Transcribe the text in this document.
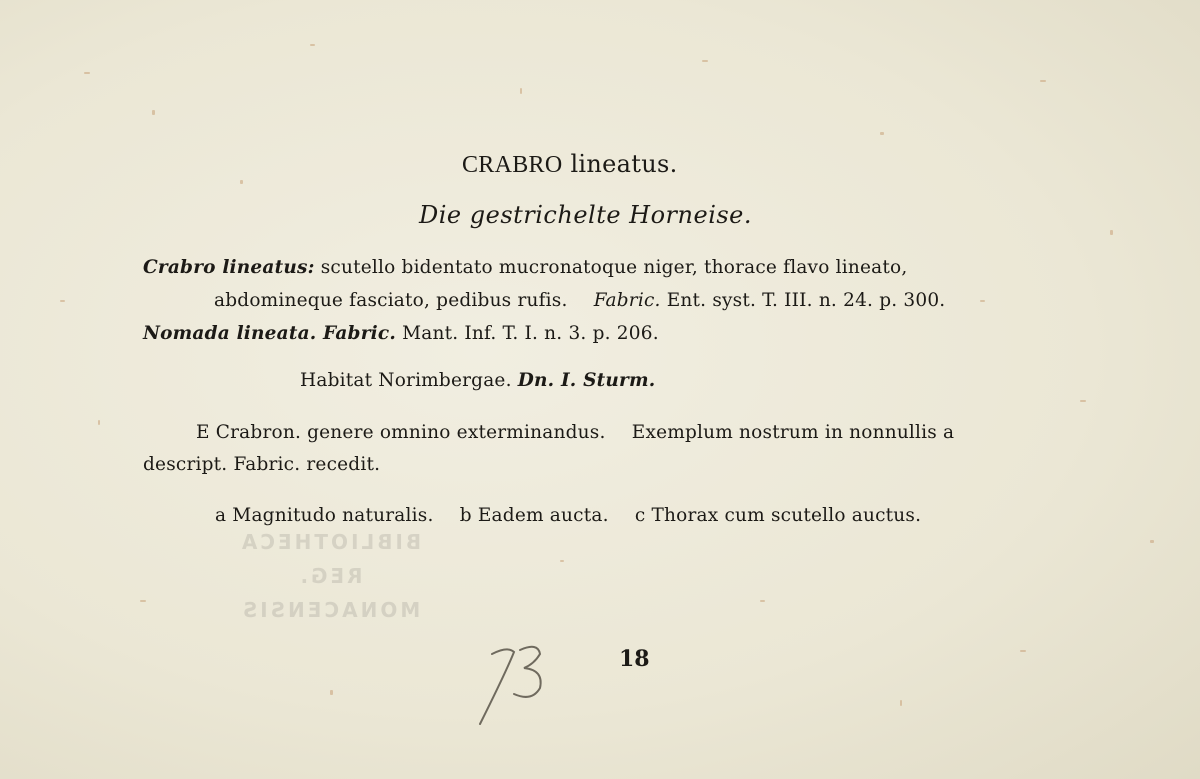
BIBLIOTHECA
REG.
MONACENSIS
CRABRO lineatus.
Die gestrichelte Horneise.
Crabro lineatus: scutello bidentato mucronatoque niger, thorace flavo lineato,
abdomineque fasciato, pedibus rufis. Fabric. Ent. syst. T. III. n. 24. p. 300.
Nomada lineata. Fabric. Mant. Inf. T. I. n. 3. p. 206.
Habitat Norimbergae. Dn. I. Sturm.
E Crabron. genere omnino exterminandus. Exemplum nostrum in nonnullis a
descript. Fabric. recedit.
a Magnitudo naturalis. b Eadem aucta. c Thorax cum scutello auctus.
18
